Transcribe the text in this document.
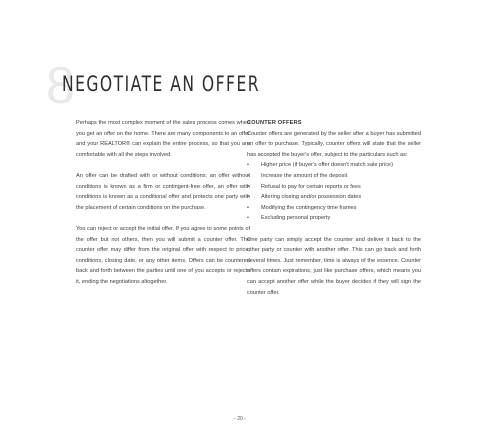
8
NEGOTIATE AN OFFER

Perhaps the most complex moment of the sales process comes when you get an offer on the home. There are many components to an offer and your REALTOR® can explain the entire process, so that you are comfortable with all the steps involved.

An offer can be drafted with or without conditions; an offer without conditions is known as a firm or contingent-free offer, an offer with conditions is known as a conditional offer and protects one party with the placement of certain conditions on the purchase.

You can reject or accept the initial offer. If you agree to some points of the offer but not others, then you will submit a counter offer. The counter offer may differ from the original offer with respect to price, conditions, closing date, or any other items. Offers can be countered back and forth between the parties until one of you accepts or rejects it, ending the negotiations altogether.

COUNTER OFFERS

Counter offers are generated by the seller after a buyer has submitted an offer to purchase. Typically, counter offers will state that the seller has accepted the buyer's offer, subject to the particulars such as:

• Higher price (if buyer's offer doesn't match sale price)
• Increase the amount of the deposit
• Refusal to pay for certain reports or fees
• Altering closing and/or possession dates
• Modifying the contingency time frames
• Excluding personal property

One party can simply accept the counter and deliver it back to the other party or counter with another offer. This can go back and forth several times. Just remember, time is always of the essence. Counter offers contain expirations, just like purchase offers, which means you can accept another offer while the buyer decides if they will sign the counter offer.

- 20 -
